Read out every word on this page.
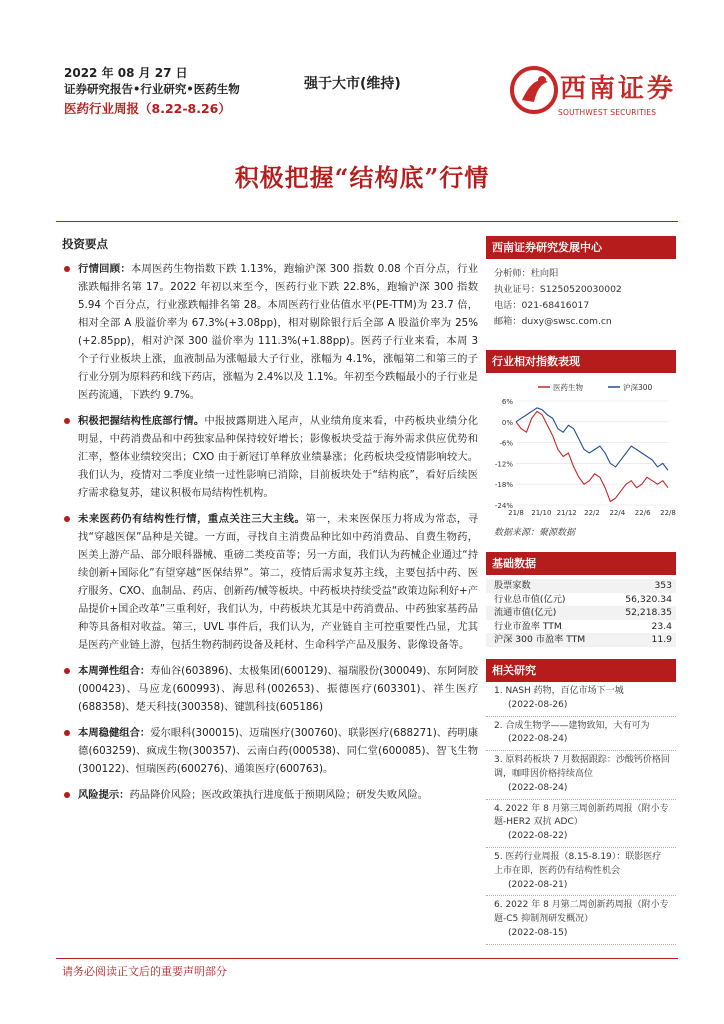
2022 年 08 月 27 日
证券研究报告•行业研究•医药生物
医药行业周报（8.22-8.26）
强于大市(维持)	西南证券
SOUTHWEST SECURITIES
积极把握“结构底”行情
投资要点
行情回顾：本周医药生物指数下跌 1.13%，跑输沪深 300 指数 0.08 个百分点，行业涨跌幅排名第 17。2022 年初以来至今，医药行业下跌 22.8%，跑输沪深 300 指数 5.94 个百分点，行业涨跌幅排名第 28。本周医药行业估值水平(PE-TTM)为 23.7 倍，相对全部 A 股溢价率为 67.3%(+3.08pp)，相对剔除银行后全部 A 股溢价率为 25%(+2.85pp)，相对沪深 300 溢价率为 111.3%(+1.88pp)。医药子行业来看，本周 3 个子行业板块上涨，血液制品为涨幅最大子行业，涨幅为 4.1%，涨幅第二和第三的子行业分别为原料药和线下药店，涨幅为 2.4%以及 1.1%。年初至今跌幅最小的子行业是医药流通，下跌约 9.7%。
积极把握结构性底部行情。中报披露期进入尾声，从业绩角度来看，中药板块业绩分化明显，中药消费品和中药独家品种保持较好增长；影像板块受益于海外需求供应优势和汇率，整体业绩较突出；CXO 由于新冠订单释放业绩暴涨；化药板块受疫情影响较大。我们认为，疫情对二季度业绩一过性影响已消除，目前板块处于“结构底”，看好后续医疗需求稳复苏，建议积极布局结构性机构。
未来医药仍有结构性行情，重点关注三大主线。第一，未来医保压力将成为常态，寻找“穿越医保”品种是关键。一方面，寻找自主消费品种比如中药消费品、自费生物药，医美上游产品、部分眼科器械、重磅二类疫苗等；另一方面，我们认为药械企业通过“持续创新+国际化”有望穿越“医保结界”。第二，疫情后需求复苏主线，主要包括中药、医疗服务、CXO、血制品、药店、创新药/械等板块。中药板块持续受益“政策边际利好+产品提价+国企改革”三重利好，我们认为，中药板块尤其是中药消费品、中药独家基药品种等具备相对收益。第三，UVL 事件后，我们认为，产业链自主可控重要性凸显，尤其是医药产业链上游，包括生物药制药设备及耗材、生命科学产品及服务、影像设备等。
本周弹性组合：寿仙谷(603896)、太极集团(600129)、福瑞股份(300049)、东阿阿胶(000423)、马应龙(600993)、海思科(002653)、振德医疗(603301)、祥生医疗(688358)、楚天科技(300358)、键凯科技(605186)
本周稳健组合：爱尔眼科(300015)、迈瑞医疗(300760)、联影医疗(688271)、药明康德(603259)、疯成生物(300357)、云南白药(000538)、同仁堂(600085)、智飞生物(300122)、恒瑞医药(600276)、通策医疗(600763)。
风险提示：药品降价风险；医改政策执行进度低于预期风险；研发失败风险。
西南证券研究发展中心
分析师：杜向阳
执业证号：S1250520030002
电话：021-68416017
邮箱：duxy@swsc.com.cn
行业相对指数表现
6%
0%
-6%
-12%
-18%
-24%
21/8 21/10 21/12 22/2 22/4 22/6 22/8
医药生物	沪深300
数据来源：聚源数据
基础数据
股票家数	353
行业总市值(亿元)	56,320.34
流通市值(亿元)	52,218.35
行业市盈率 TTM	23.4
沪深 300 市盈率 TTM	11.9
相关研究
1. NASH 药物，百亿市场下一城
(2022-08-26)
2. 合成生物学——建物致知，大有可为
(2022-08-24)
3. 原料药板块 7 月数据跟踪：沙酸钙价格回调，咖啡因价格持续高位
(2022-08-24)
4. 2022 年 8 月第三周创新药周报（附小专题-HER2 双抗 ADC）
(2022-08-22)
5. 医药行业周报（8.15-8.19）：联影医疗上市在即，医药仍有结构性机会
(2022-08-21)
6. 2022 年 8 月第二周创新药周报（附小专题-C5 抑制剂研发概况）
(2022-08-15)
请务必阅读正文后的重要声明部分
